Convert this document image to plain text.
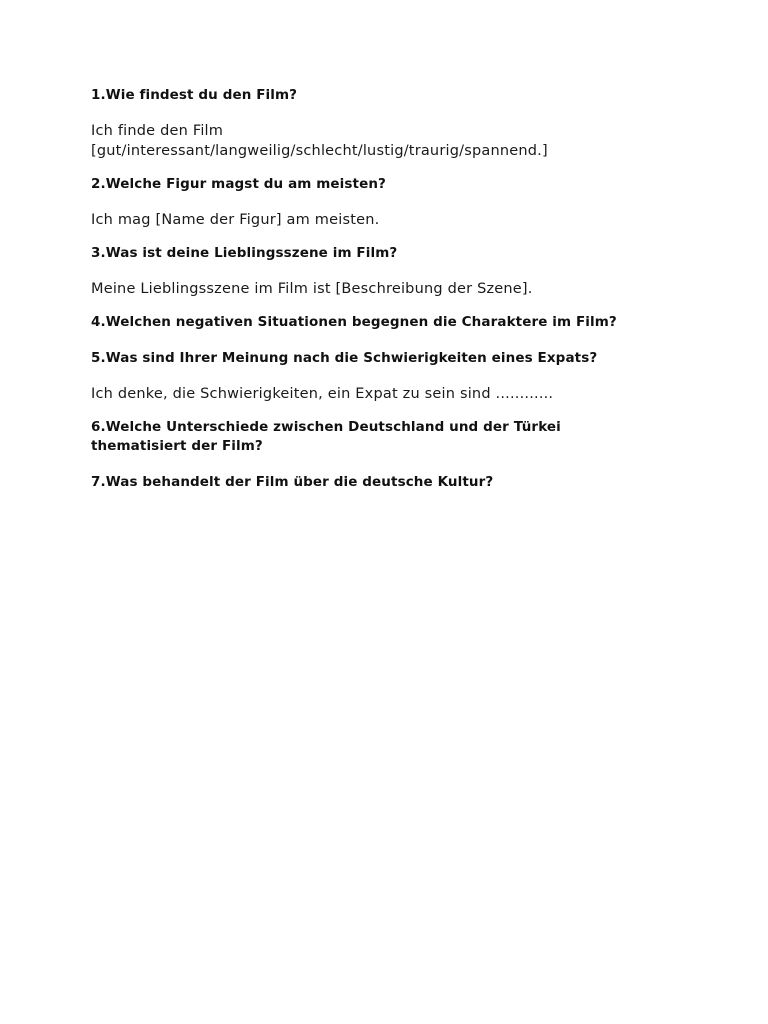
1.Wie findest du den Film?

Ich finde den Film

[gut/interessant/langweilig/schlecht/lustig/traurig/spannend.]

2.Welche Figur magst du am meisten?

Ich mag [Name der Figur] am meisten.

3.Was ist deine Lieblingsszene im Film?

Meine Lieblingsszene im Film ist [Beschreibung der Szene].

4.Welchen negativen Situationen begegnen die Charaktere im Film?

5.Was sind Ihrer Meinung nach die Schwierigkeiten eines Expats?

Ich denke, die Schwierigkeiten, ein Expat zu sein sind ............

6.Welche Unterschiede zwischen Deutschland und der Türkei

thematisiert der Film?

7.Was behandelt der Film über die deutsche Kultur?
